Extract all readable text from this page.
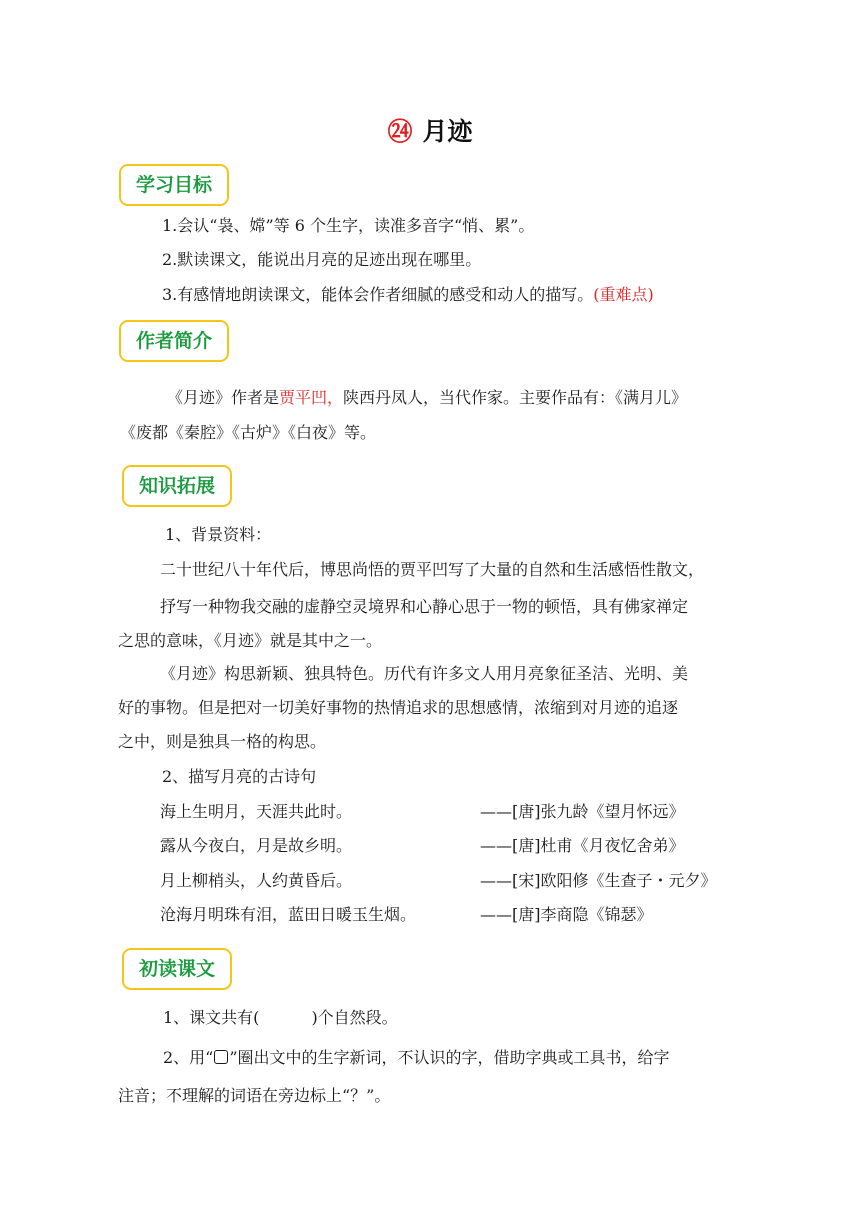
㉔ 月迹
学习目标
1.会认“袅、嫦”等 6 个生字，读准多音字“悄、累”。
2.默读课文，能说出月亮的足迹出现在哪里。
3.有感情地朗读课文，能体会作者细腻的感受和动人的描写。(重难点)
作者简介
《月迹》作者是贾平凹，陕西丹凤人，当代作家。主要作品有：《满月儿》
《废都《秦腔》《古炉》《白夜》等。
知识拓展
1、背景资料：
二十世纪八十年代后，博思尚悟的贾平凹写了大量的自然和生活感悟性散文，
抒写一种物我交融的虚静空灵境界和心静心思于一物的顿悟，具有佛家禅定
之思的意味，《月迹》就是其中之一。
《月迹》构思新颖、独具特色。历代有许多文人用月亮象征圣洁、光明、美
好的事物。但是把对一切美好事物的热情追求的思想感情，浓缩到对月迹的追逐
之中，则是独具一格的构思。
2、描写月亮的古诗句
海上生明月，天涯共此时。	——[唐]张九龄《望月怀远》
露从今夜白，月是故乡明。	——[唐]杜甫《月夜忆舍弟》
月上柳梢头，人约黄昏后。	——[宋]欧阳修《生查子・元夕》
沧海月明珠有泪，蓝田日暖玉生烟。	——[唐]李商隐《锦瑟》
初读课文
1、课文共有(	)个自然段。
2、用“○”圈出文中的生字新词，不认识的字，借助字典或工具书，给字
注音；不理解的词语在旁边标上“？”。
